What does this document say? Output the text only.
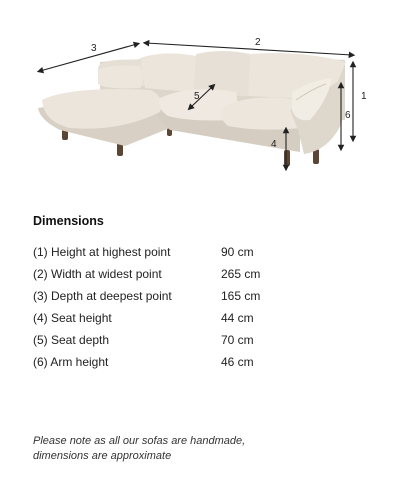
3
2
1
6
5
4
Dimensions
(1) Height at highest point	90 cm
(2) Width at widest point	265 cm
(3) Depth at deepest point	165 cm
(4) Seat height	44 cm
(5) Seat depth	70 cm
(6) Arm height	46 cm

Please note as all our sofas are handmade,
dimensions are approximate
